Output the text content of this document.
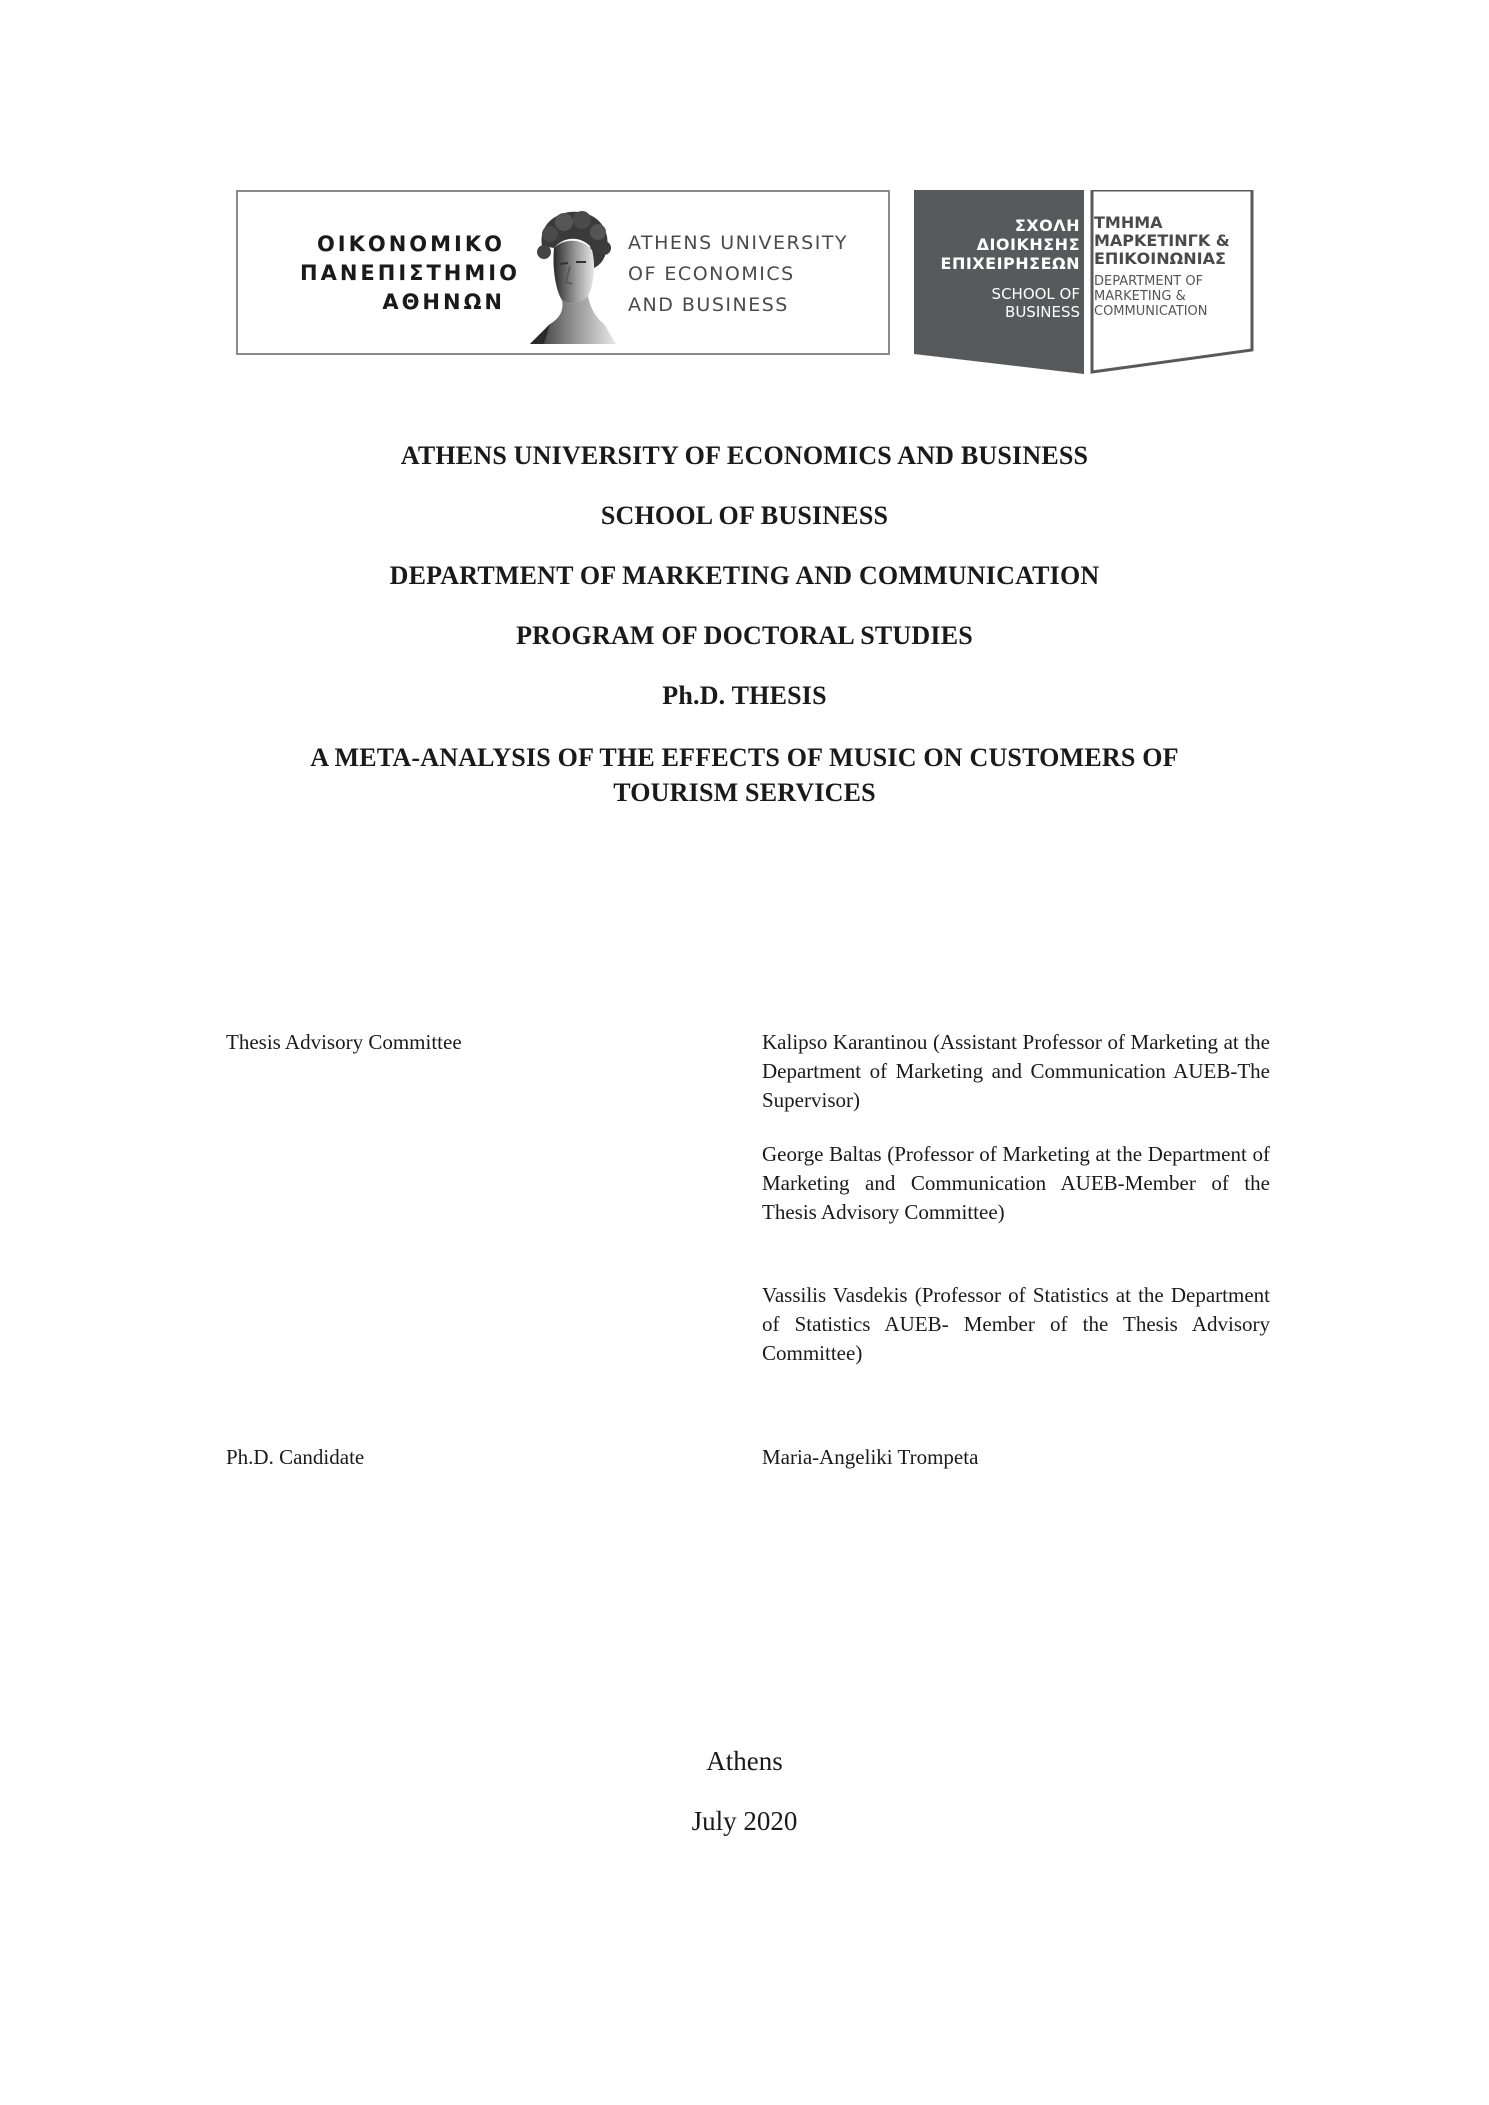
ΟΙΚΟΝΟΜΙΚΟ
ΠΑΝΕΠΙΣΤΗΜΙΟ
ΑΘΗΝΩΝ
ATHENS UNIVERSITY
OF ECONOMICS
AND BUSINESS
ΣΧΟΛΗ
ΔΙΟΙΚΗΣΗΣ
ΕΠΙΧΕΙΡΗΣΕΩΝ
SCHOOL OF
BUSINESS
ΤΜΗΜΑ
ΜΑΡΚΕΤΙΝΓΚ &
ΕΠΙΚΟΙΝΩΝΙΑΣ
DEPARTMENT OF
MARKETING &
COMMUNICATION
ATHENS UNIVERSITY OF ECONOMICS AND BUSINESS
SCHOOL OF BUSINESS
DEPARTMENT OF MARKETING AND COMMUNICATION
PROGRAM OF DOCTORAL STUDIES
Ph.D. THESIS
A META-ANALYSIS OF THE EFFECTS OF MUSIC ON CUSTOMERS OF
TOURISM SERVICES
Thesis Advisory Committee	Kalipso Karantinou (Assistant Professor of Marketing at the Department of Marketing and Communication AUEB-The Supervisor)
George Baltas (Professor of Marketing at the Department of Marketing and Communication AUEB-Member of the Thesis Advisory Committee)
Vassilis Vasdekis (Professor of Statistics at the Department of Statistics AUEB- Member of the Thesis Advisory Committee)
Ph.D. Candidate	Maria-Angeliki Trompeta
Athens
July 2020
